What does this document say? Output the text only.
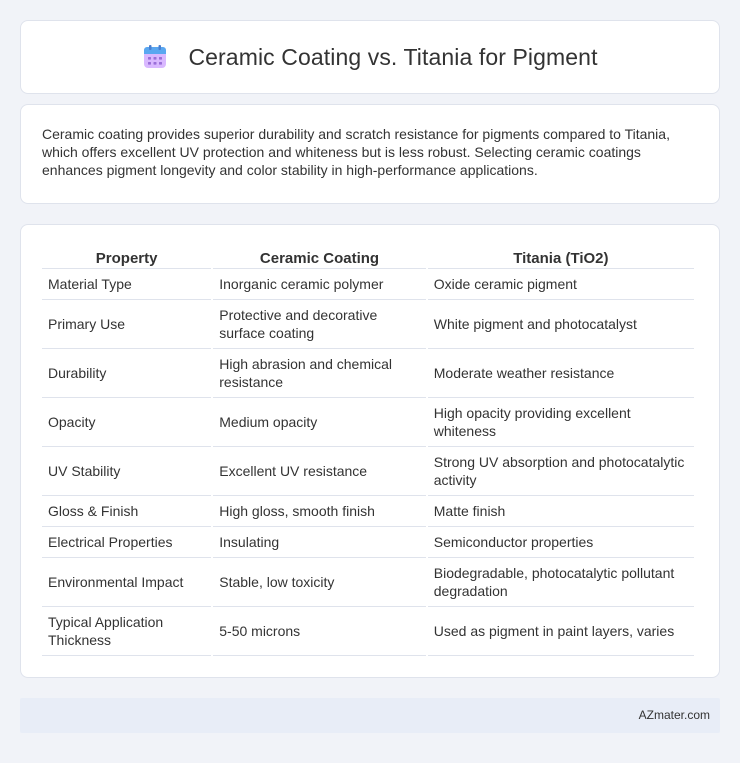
Ceramic Coating vs. Titania for Pigment

Ceramic coating provides superior durability and scratch resistance for pigments compared to Titania, which offers excellent UV protection and whiteness but is less robust. Selecting ceramic coatings enhances pigment longevity and color stability in high-performance applications.

Property	Ceramic Coating	Titania (TiO2)
Material Type	Inorganic ceramic polymer	Oxide ceramic pigment
Primary Use	Protective and decorative surface coating	White pigment and photocatalyst
Durability	High abrasion and chemical resistance	Moderate weather resistance
Opacity	Medium opacity	High opacity providing excellent whiteness
UV Stability	Excellent UV resistance	Strong UV absorption and photocatalytic activity
Gloss & Finish	High gloss, smooth finish	Matte finish
Electrical Properties	Insulating	Semiconductor properties
Environmental Impact	Stable, low toxicity	Biodegradable, photocatalytic pollutant degradation
Typical Application Thickness	5-50 microns	Used as pigment in paint layers, varies
AZmater.com
